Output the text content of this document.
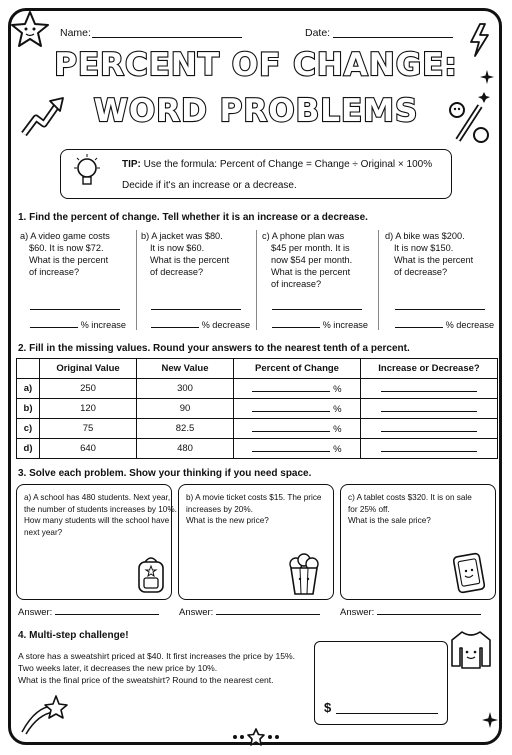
Name:	Date:
PERCENT OF CHANGE:
WORD PROBLEMS
TIP: Use the formula: Percent of Change = Change ÷ Original × 100%
Decide if it's an increase or a decrease.
1. Find the percent of change. Tell whether it is an increase or a decrease.
a) A video game costs
$60. It is now $72.
What is the percent
of increase?
% increase
b) A jacket was $80.
It is now $60.
What is the percent
of decrease?
% decrease
c) A phone plan was
$45 per month. It is
now $54 per month.
What is the percent
of increase?
% increase
d) A bike was $200.
It is now $150.
What is the percent
of decrease?
% decrease
2. Fill in the missing values. Round your answers to the nearest tenth of a percent.
	Original Value	New Value	Percent of Change	Increase or Decrease?
a)	250	300	%	
b)	120	90	%	
c)	75	82.5	%	
d)	640	480	%	
3. Solve each problem. Show your thinking if you need space.
a) A school has 480 students. Next year,
the number of students increases by 10%.
How many students will the school have
next year?
b) A movie ticket costs $15. The price
increases by 20%.
What is the new price?
c) A tablet costs $320. It is on sale
for 25% off.
What is the sale price?
Answer:	Answer:	Answer:
4. Multi-step challenge!
A store has a sweatshirt priced at $40. It first increases the price by 15%.
Two weeks later, it decreases the new price by 10%.
What is the final price of the sweatshirt? Round to the nearest cent.
$
